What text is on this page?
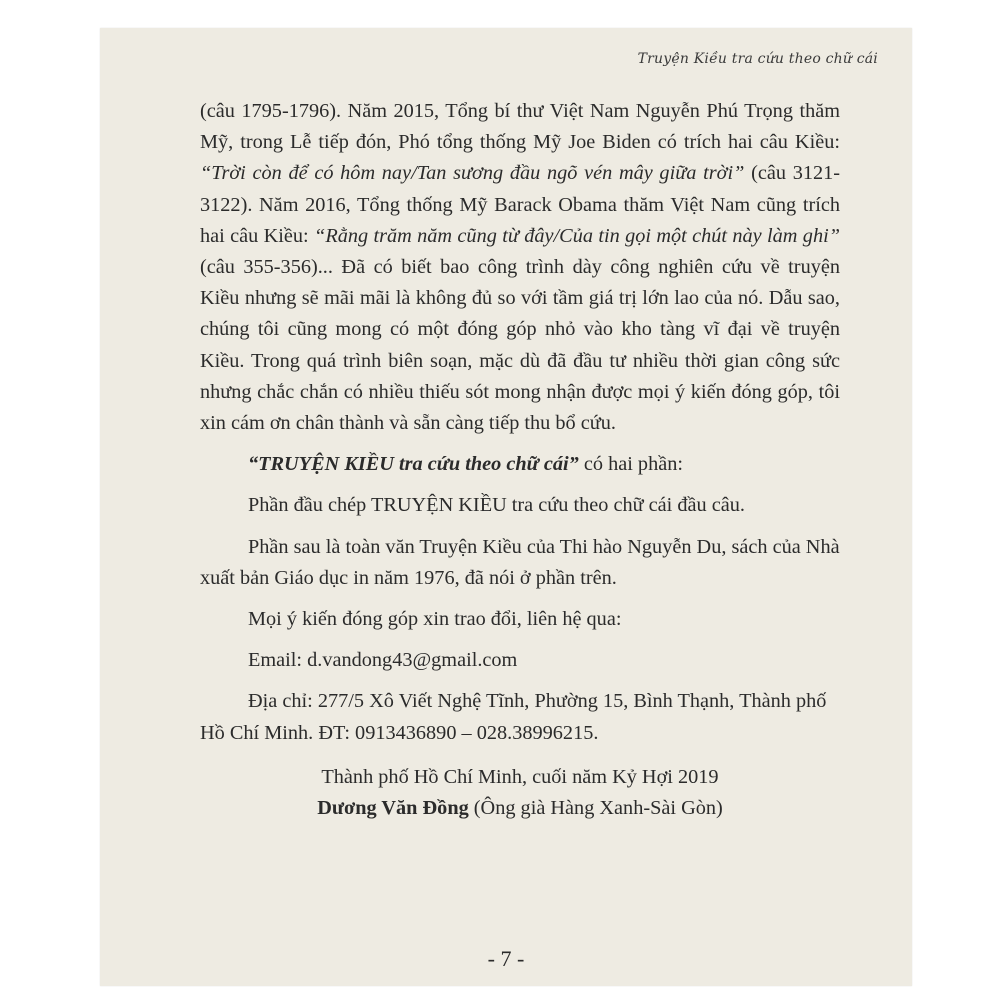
Truyện Kiều tra cứu theo chữ cái

(câu 1795-1796). Năm 2015, Tổng bí thư Việt Nam Nguyễn Phú Trọng thăm Mỹ, trong Lễ tiếp đón, Phó tổng thống Mỹ Joe Biden có trích hai câu Kiều: “Trời còn để có hôm nay/Tan sương đầu ngõ vén mây giữa trời” (câu 3121-3122). Năm 2016, Tổng thống Mỹ Barack Obama thăm Việt Nam cũng trích hai câu Kiều: “Rằng trăm năm cũng từ đây/Của tin gọi một chút này làm ghi” (câu 355-356)... Đã có biết bao công trình dày công nghiên cứu về truyện Kiều nhưng sẽ mãi mãi là không đủ so với tầm giá trị lớn lao của nó. Dẫu sao, chúng tôi cũng mong có một đóng góp nhỏ vào kho tàng vĩ đại về truyện Kiều. Trong quá trình biên soạn, mặc dù đã đầu tư nhiều thời gian công sức nhưng chắc chắn có nhiều thiếu sót mong nhận được mọi ý kiến đóng góp, tôi xin cám ơn chân thành và sẵn càng tiếp thu bổ cứu.

“TRUYỆN KIỀU tra cứu theo chữ cái” có hai phần:

Phần đầu chép TRUYỆN KIỀU tra cứu theo chữ cái đầu câu.

Phần sau là toàn văn Truyện Kiều của Thi hào Nguyễn Du, sách của Nhà xuất bản Giáo dục in năm 1976, đã nói ở phần trên.

Mọi ý kiến đóng góp xin trao đổi, liên hệ qua:

Email: d.vandong43@gmail.com

Địa chỉ: 277/5 Xô Viết Nghệ Tĩnh, Phường 15, Bình Thạnh, Thành phố Hồ Chí Minh. ĐT: 0913436890 – 028.38996215.

Thành phố Hồ Chí Minh, cuối năm Kỷ Hợi 2019

Dương Văn Đồng (Ông già Hàng Xanh-Sài Gòn)

- 7 -
